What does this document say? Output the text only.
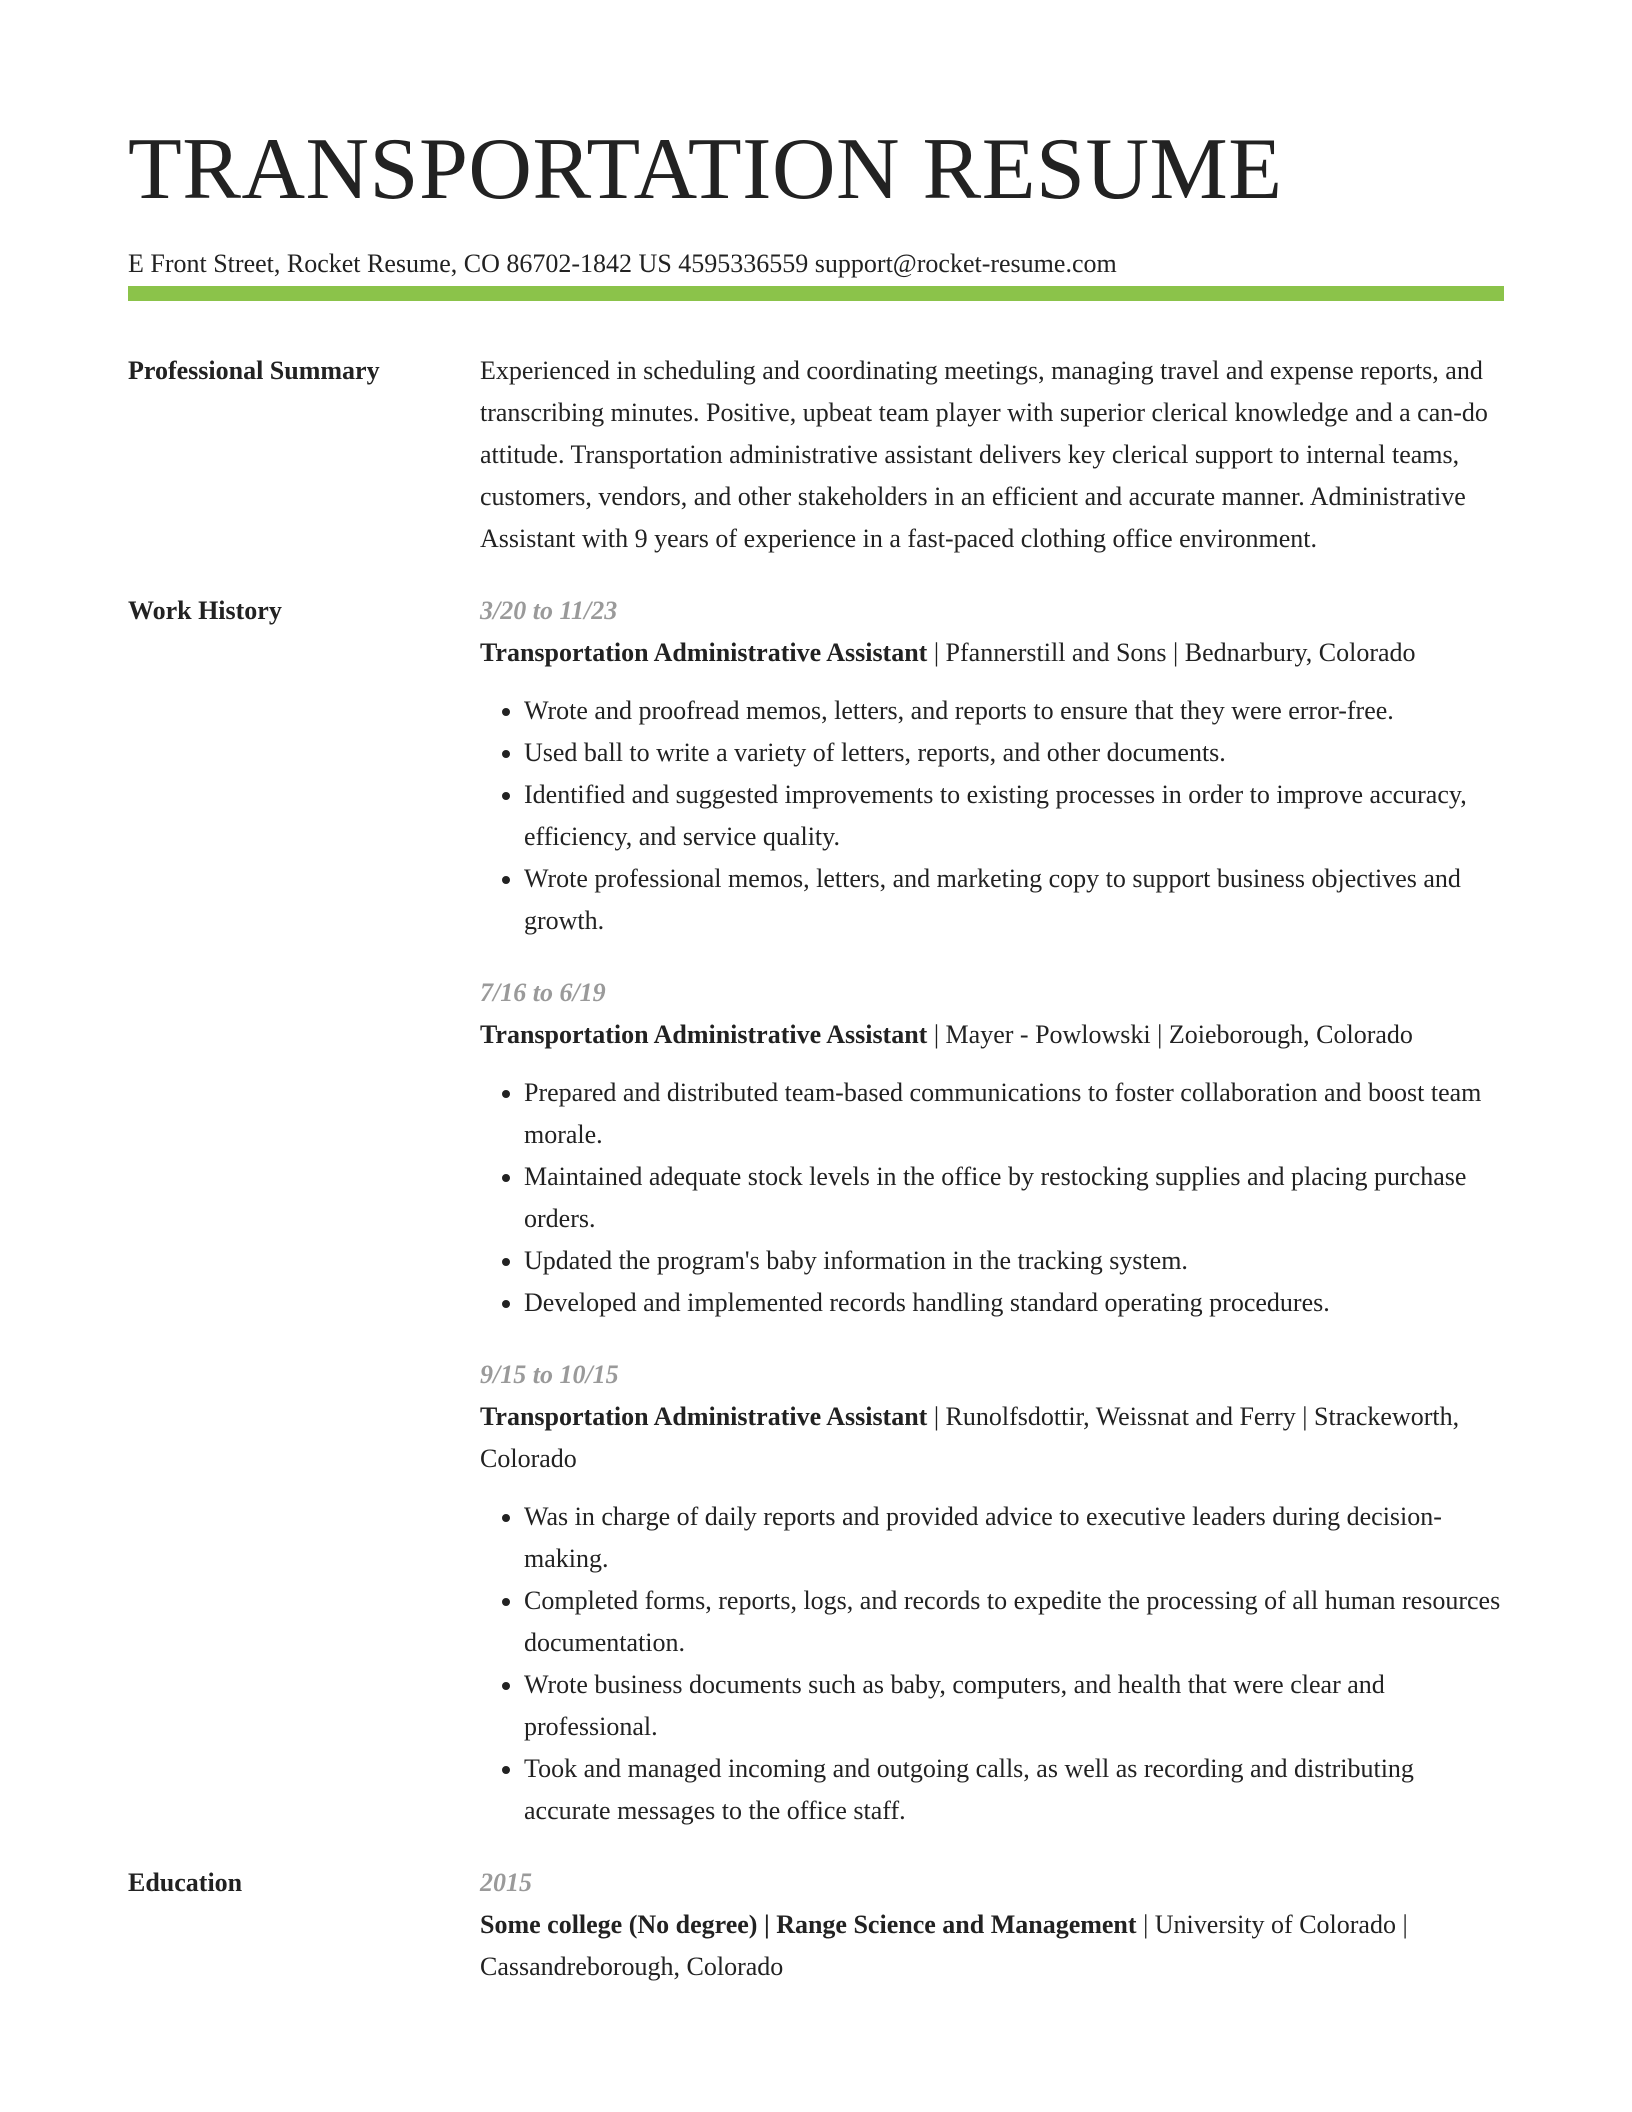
TRANSPORTATION RESUME
E Front Street, Rocket Resume, CO 86702-1842 US 4595336559 support@rocket-resume.com
Professional Summary	Experienced in scheduling and coordinating meetings, managing travel and expense reports, and transcribing minutes. Positive, upbeat team player with superior clerical knowledge and a can-do attitude. Transportation administrative assistant delivers key clerical support to internal teams, customers, vendors, and other stakeholders in an efficient and accurate manner. Administrative Assistant with 9 years of experience in a fast-paced clothing office environment.

Work History	3/20 to 11/23
Transportation Administrative Assistant | Pfannerstill and Sons | Bednarbury, Colorado
• Wrote and proofread memos, letters, and reports to ensure that they were error-free.
• Used ball to write a variety of letters, reports, and other documents.
• Identified and suggested improvements to existing processes in order to improve accuracy, efficiency, and service quality.
• Wrote professional memos, letters, and marketing copy to support business objectives and growth.
7/16 to 6/19
Transportation Administrative Assistant | Mayer - Powlowski | Zoieborough, Colorado
• Prepared and distributed team-based communications to foster collaboration and boost team morale.
• Maintained adequate stock levels in the office by restocking supplies and placing purchase orders.
• Updated the program's baby information in the tracking system.
• Developed and implemented records handling standard operating procedures.
9/15 to 10/15
Transportation Administrative Assistant | Runolfsdottir, Weissnat and Ferry | Strackeworth, Colorado
• Was in charge of daily reports and provided advice to executive leaders during decision-making.
• Completed forms, reports, logs, and records to expedite the processing of all human resources documentation.
• Wrote business documents such as baby, computers, and health that were clear and professional.
• Took and managed incoming and outgoing calls, as well as recording and distributing accurate messages to the office staff.
Education	2015
Some college (No degree) | Range Science and Management | University of Colorado | Cassandreborough, Colorado
